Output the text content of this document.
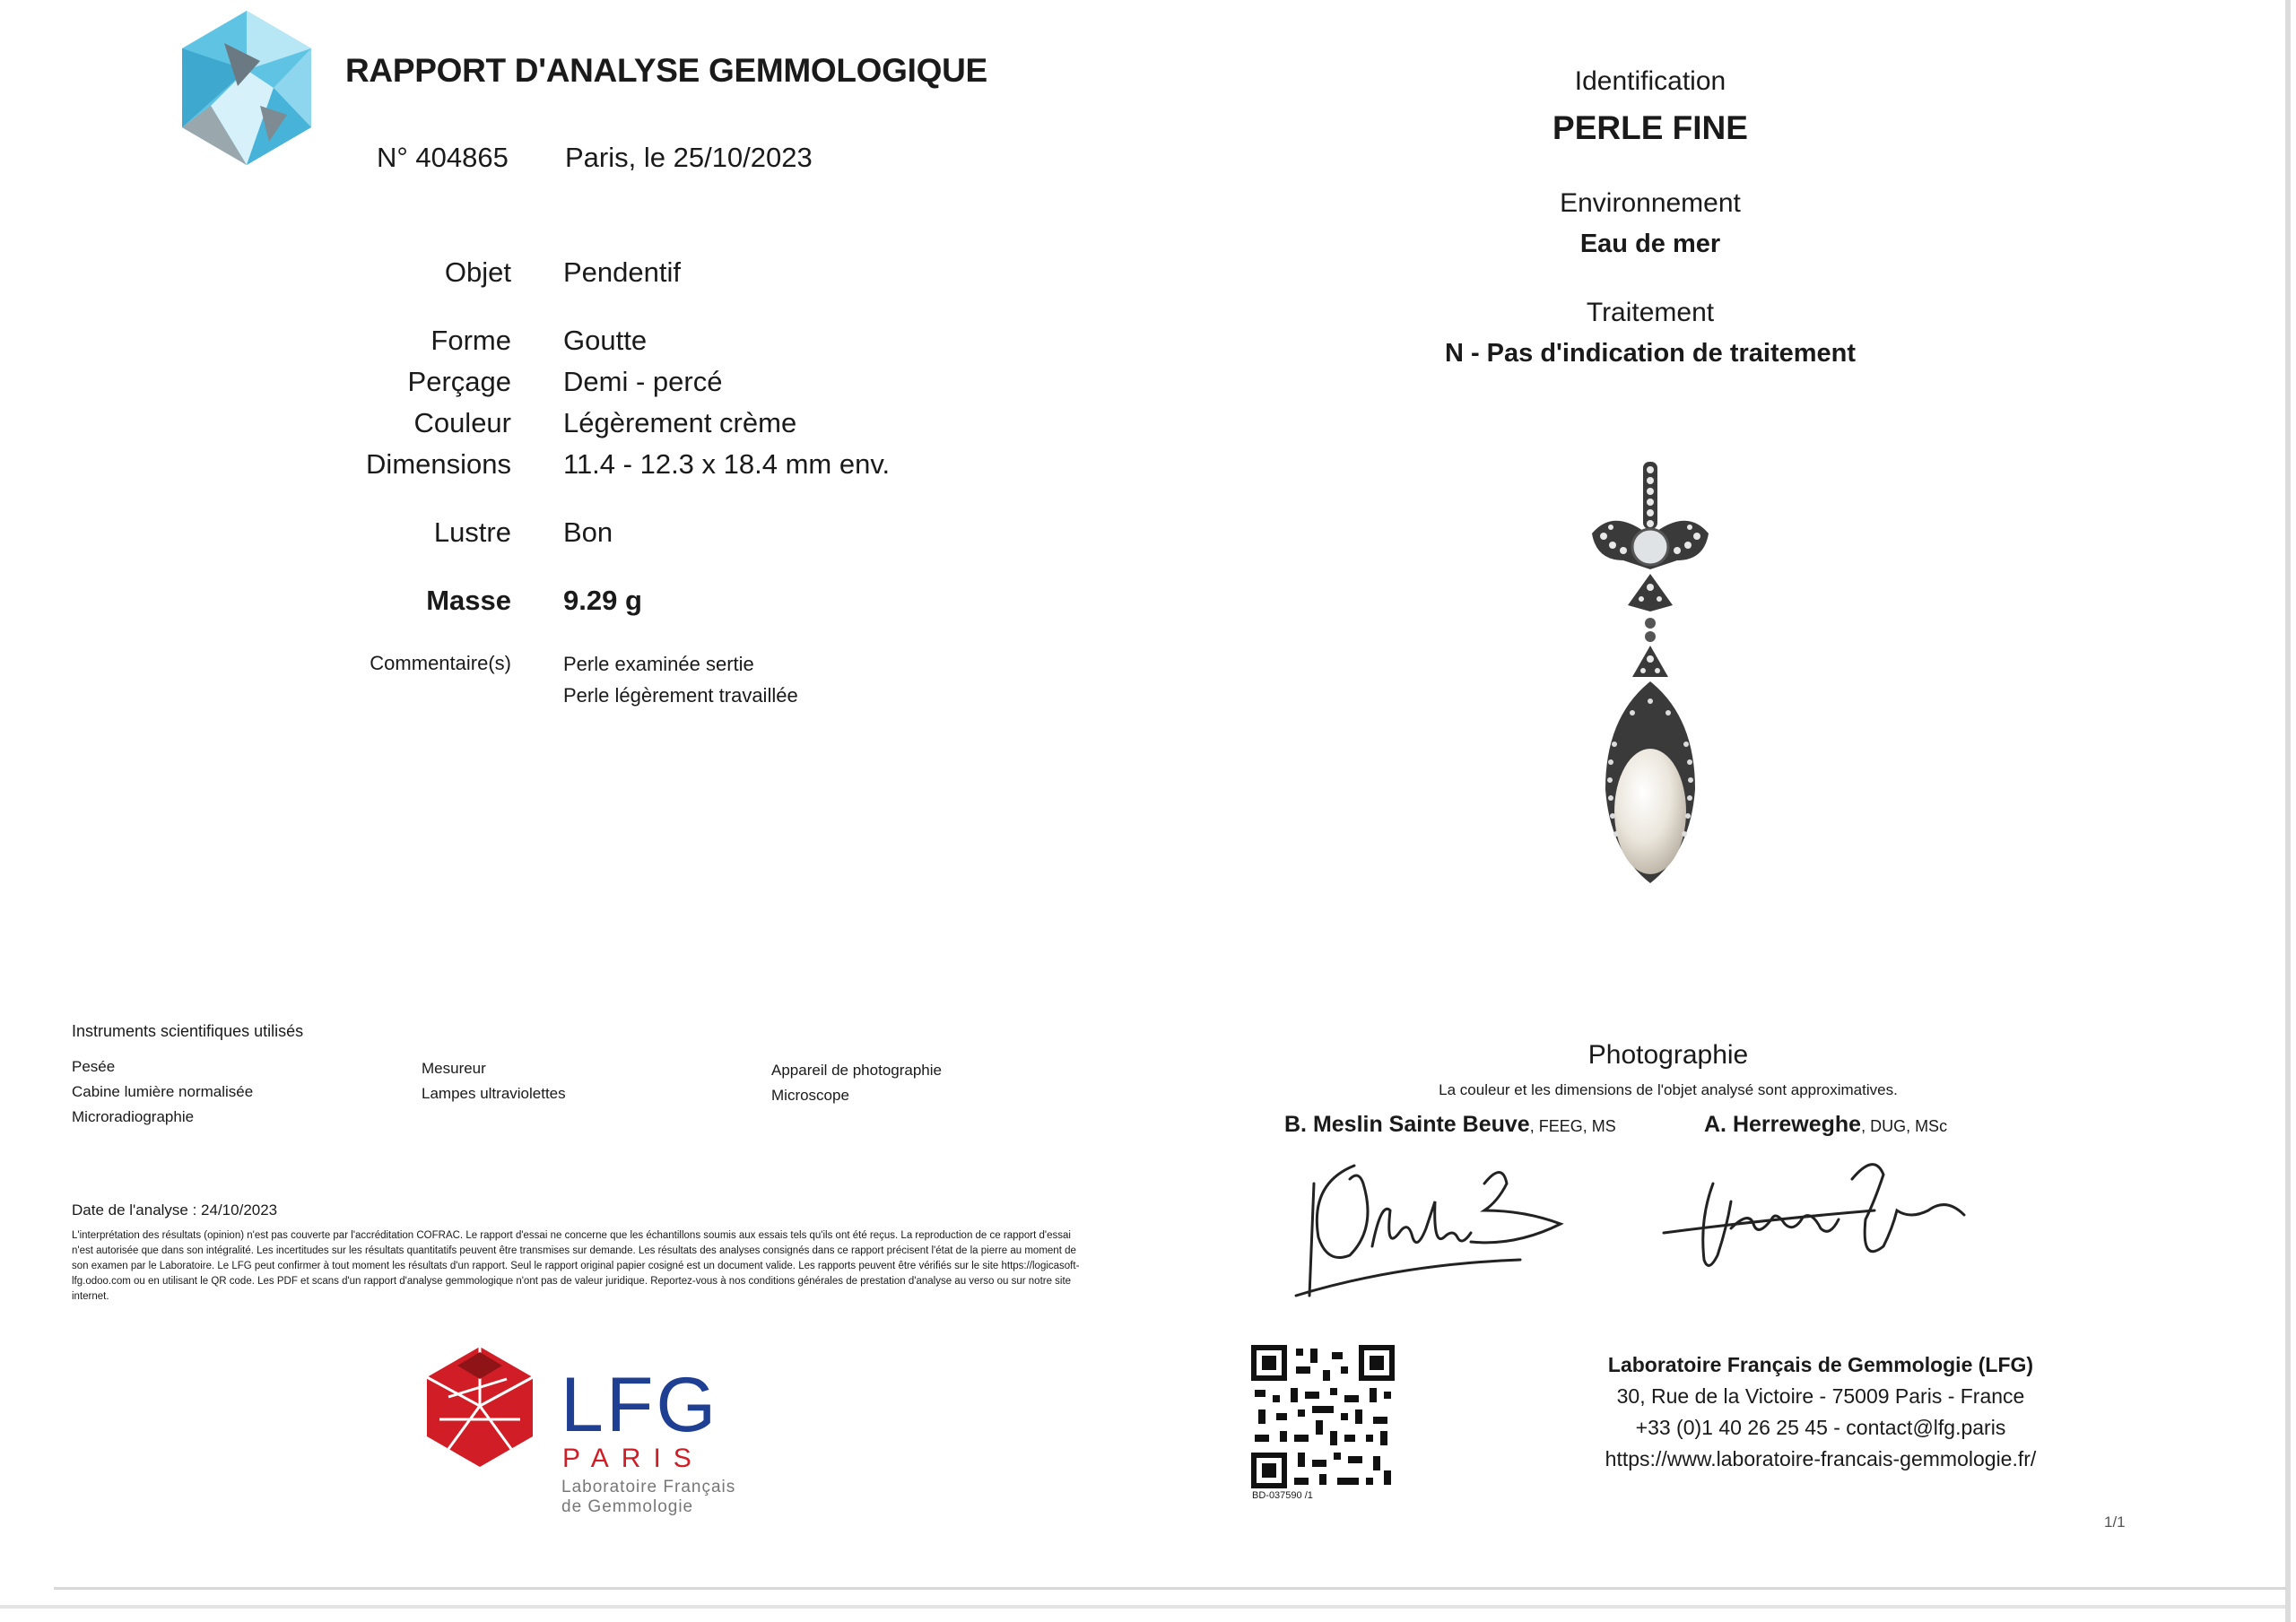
RAPPORT D'ANALYSE GEMMOLOGIQUE
N° 404865 Paris, le 25/10/2023
Objet Pendentif
Forme Goutte
Perçage Demi - percé
Couleur Légèrement crème
Dimensions 11.4 - 12.3 x 18.4 mm env.
Lustre Bon
Masse 9.29 g
Commentaire(s)	Perle examinée sertie
Perle légèrement travaillée
Identification
PERLE FINE
Environnement
Eau de mer
Traitement
N - Pas d'indication de traitement
Instruments scientifiques utilisés
Pesée
Cabine lumière normalisée
Microradiographie
Mesureur
Lampes ultraviolettes
Appareil de photographie
Microscope
Date de l'analyse : 24/10/2023
L'interprétation des résultats (opinion) n'est pas couverte par l'accréditation COFRAC. Le rapport d'essai ne concerne que les échantillons soumis aux essais tels qu'ils ont été reçus. La reproduction de ce rapport d'essai n'est autorisée que dans son intégralité. Les incertitudes sur les résultats quantitatifs peuvent être transmises sur demande. Les résultats des analyses consignés dans ce rapport précisent l'état de la pierre au moment de son examen par le Laboratoire. Le LFG peut confirmer à tout moment les résultats d'un rapport. Seul le rapport original papier cosigné est un document valide. Les rapports peuvent être vérifiés sur le site https://logicasoft-lfg.odoo.com ou en utilisant le QR code. Les PDF et scans d'un rapport d'analyse gemmologique n'ont pas de valeur juridique. Reportez-vous à nos conditions générales de prestation d'analyse au verso ou sur notre site internet.
LFG
PARIS
Laboratoire Français
de Gemmologie
Photographie
La couleur et les dimensions de l'objet analysé sont approximatives.
B. Meslin Sainte Beuve, FEEG, MS	A. Herreweghe, DUG, MSc
BD-037590 /1
Laboratoire Français de Gemmologie (LFG)
30, Rue de la Victoire - 75009 Paris - France
+33 (0)1 40 26 25 45 - contact@lfg.paris
https://www.laboratoire-francais-gemmologie.fr/
1/1
